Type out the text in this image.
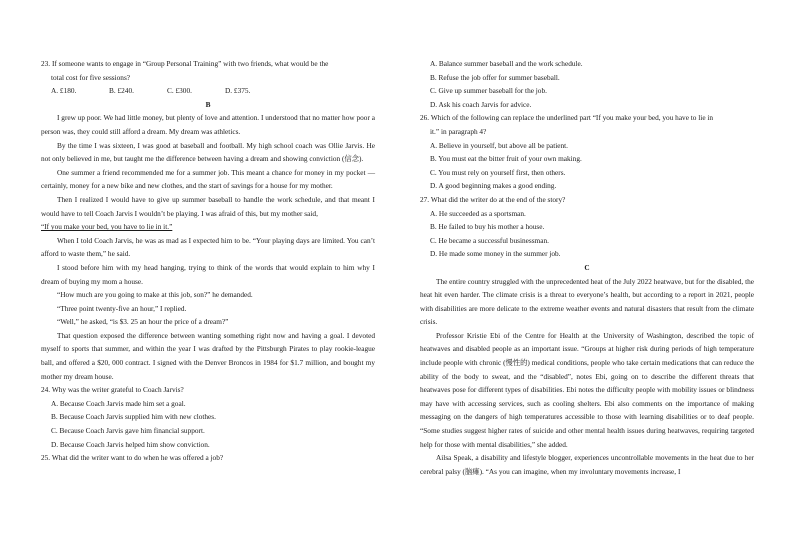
23. If someone wants to engage in “Group Personal Training” with two friends, what would be the

total cost for five sessions?

A. £180.	B. £240.	C. £300.	D. £375.

B

I grew up poor. We had little money, but plenty of love and attention. I understood that no matter how poor a person was, they could still afford a dream. My dream was athletics.

By the time I was sixteen, I was good at baseball and football. My high school coach was Ollie Jarvis. He not only believed in me, but taught me the difference between having a dream and showing conviction (信念).

One summer a friend recommended me for a summer job. This meant a chance for money in my pocket — certainly, money for a new bike and new clothes, and the start of savings for a house for my mother.

Then I realized I would have to give up summer baseball to handle the work schedule, and that meant I would have to tell Coach Jarvis I wouldn’t be playing. I was afraid of this, but my mother said,

“If you make your bed, you have to lie in it.”

When I told Coach Jarvis, he was as mad as I expected him to be. “Your playing days are limited. You can’t afford to waste them,” he said.

I stood before him with my head hanging, trying to think of the words that would explain to him why I dream of buying my mom a house.

“How much are you going to make at this job, son?” he demanded.

“Three point twenty-five an hour,” I replied.

“Well,” he asked, “is $3. 25 an hour the price of a dream?”

That question exposed the difference between wanting something right now and having a goal. I devoted myself to sports that summer, and within the year I was drafted by the Pittsburgh Pirates to play rookie-league ball, and offered a $20, 000 contract. I signed with the Denver Broncos in 1984 for $1.7 million, and bought my mother my dream house.

24. Why was the writer grateful to Coach Jarvis?

A. Because Coach Jarvis made him set a goal.

B. Because Coach Jarvis supplied him with new clothes.

C. Because Coach Jarvis gave him financial support.

D. Because Coach Jarvis helped him show conviction.

25. What did the writer want to do when he was offered a job?

A. Balance summer baseball and the work schedule.

B. Refuse the job offer for summer baseball.

C. Give up summer baseball for the job.

D. Ask his coach Jarvis for advice.

26. Which of the following can replace the underlined part “If you make your bed, you have to lie in

it.” in paragraph 4?

A. Believe in yourself, but above all be patient.

B. You must eat the bitter fruit of your own making.

C. You must rely on yourself first, then others.

D. A good beginning makes a good ending.

27. What did the writer do at the end of the story?

A. He succeeded as a sportsman.

B. He failed to buy his mother a house.

C. He became a successful businessman.

D. He made some money in the summer job.

C

The entire country struggled with the unprecedented heat of the July 2022 heatwave, but for the disabled, the heat hit even harder. The climate crisis is a threat to everyone’s health, but according to a report in 2021, people with disabilities are more delicate to the extreme weather events and natural disasters that result from the climate crisis.

Professor Kristie Ebi of the Centre for Health at the University of Washington, described the topic of heatwaves and disabled people as an important issue. “Groups at higher risk during periods of high temperature include people with chronic (慢性的) medical conditions, people who take certain medications that can reduce the ability of the body to sweat, and the “disabled”, notes Ebi, going on to describe the different threats that heatwaves pose for different types of disabilities. Ebi notes the difficulty people with mobility issues or blindness may have with accessing services, such as cooling shelters. Ebi also comments on the importance of making messaging on the dangers of high temperatures accessible to those with learning disabilities or to deaf people. “Some studies suggest higher rates of suicide and other mental health issues during heatwaves, requiring targeted help for those with mental disabilities,” she added.

Ailsa Speak, a disability and lifestyle blogger, experiences uncontrollable movements in the heat due to her cerebral palsy (脑瘫). “As you can imagine, when my involuntary movements increase, I
